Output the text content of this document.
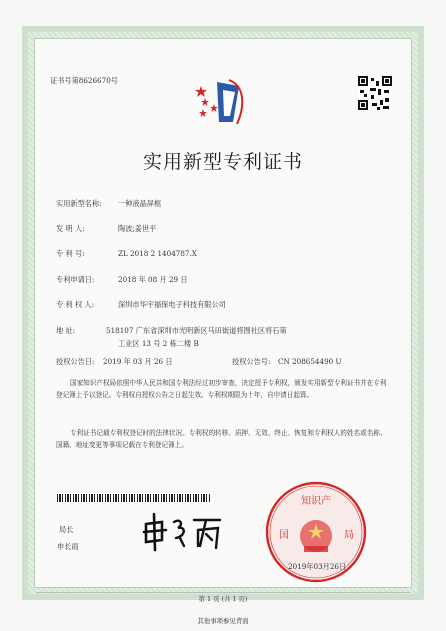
证书号第8626670号
实用新型专利证书
实用新型名称: 一种液晶屏框
发 明 人:	陶波;姜世平
专 利 号:	ZL 2018 2 1404787.X
专利申请日:	2018 年 08 月 29 日
专 利 权 人:	深圳市华宇福保电子科技有限公司
地 址:	518107 广东省深圳市光明新区马田街道将围社区将石第
工业区 13 号 2 栋二楼 B
授权公告日: 2019 年 03 月 26 日	授权公告号: CN 208654490 U
国家知识产权局依照中华人民共和国专利法经过初步审查，决定授予专利权，颁发实用新型专利证书并在专利登记簿上予以登记。专利权自授权公告之日起生效。专利权期限为十年，自申请日起算。
专利证书记载专利权登记时的法律状况。专利权的转移、质押、无效、终止、恢复和专利权人的姓名或名称、国籍、地址变更等事项记载在专利登记簿上。
局长
申长雨
知识产
国	局
2019年03月26日
第 1 页 (共 1 页)
其他事项参见背面
